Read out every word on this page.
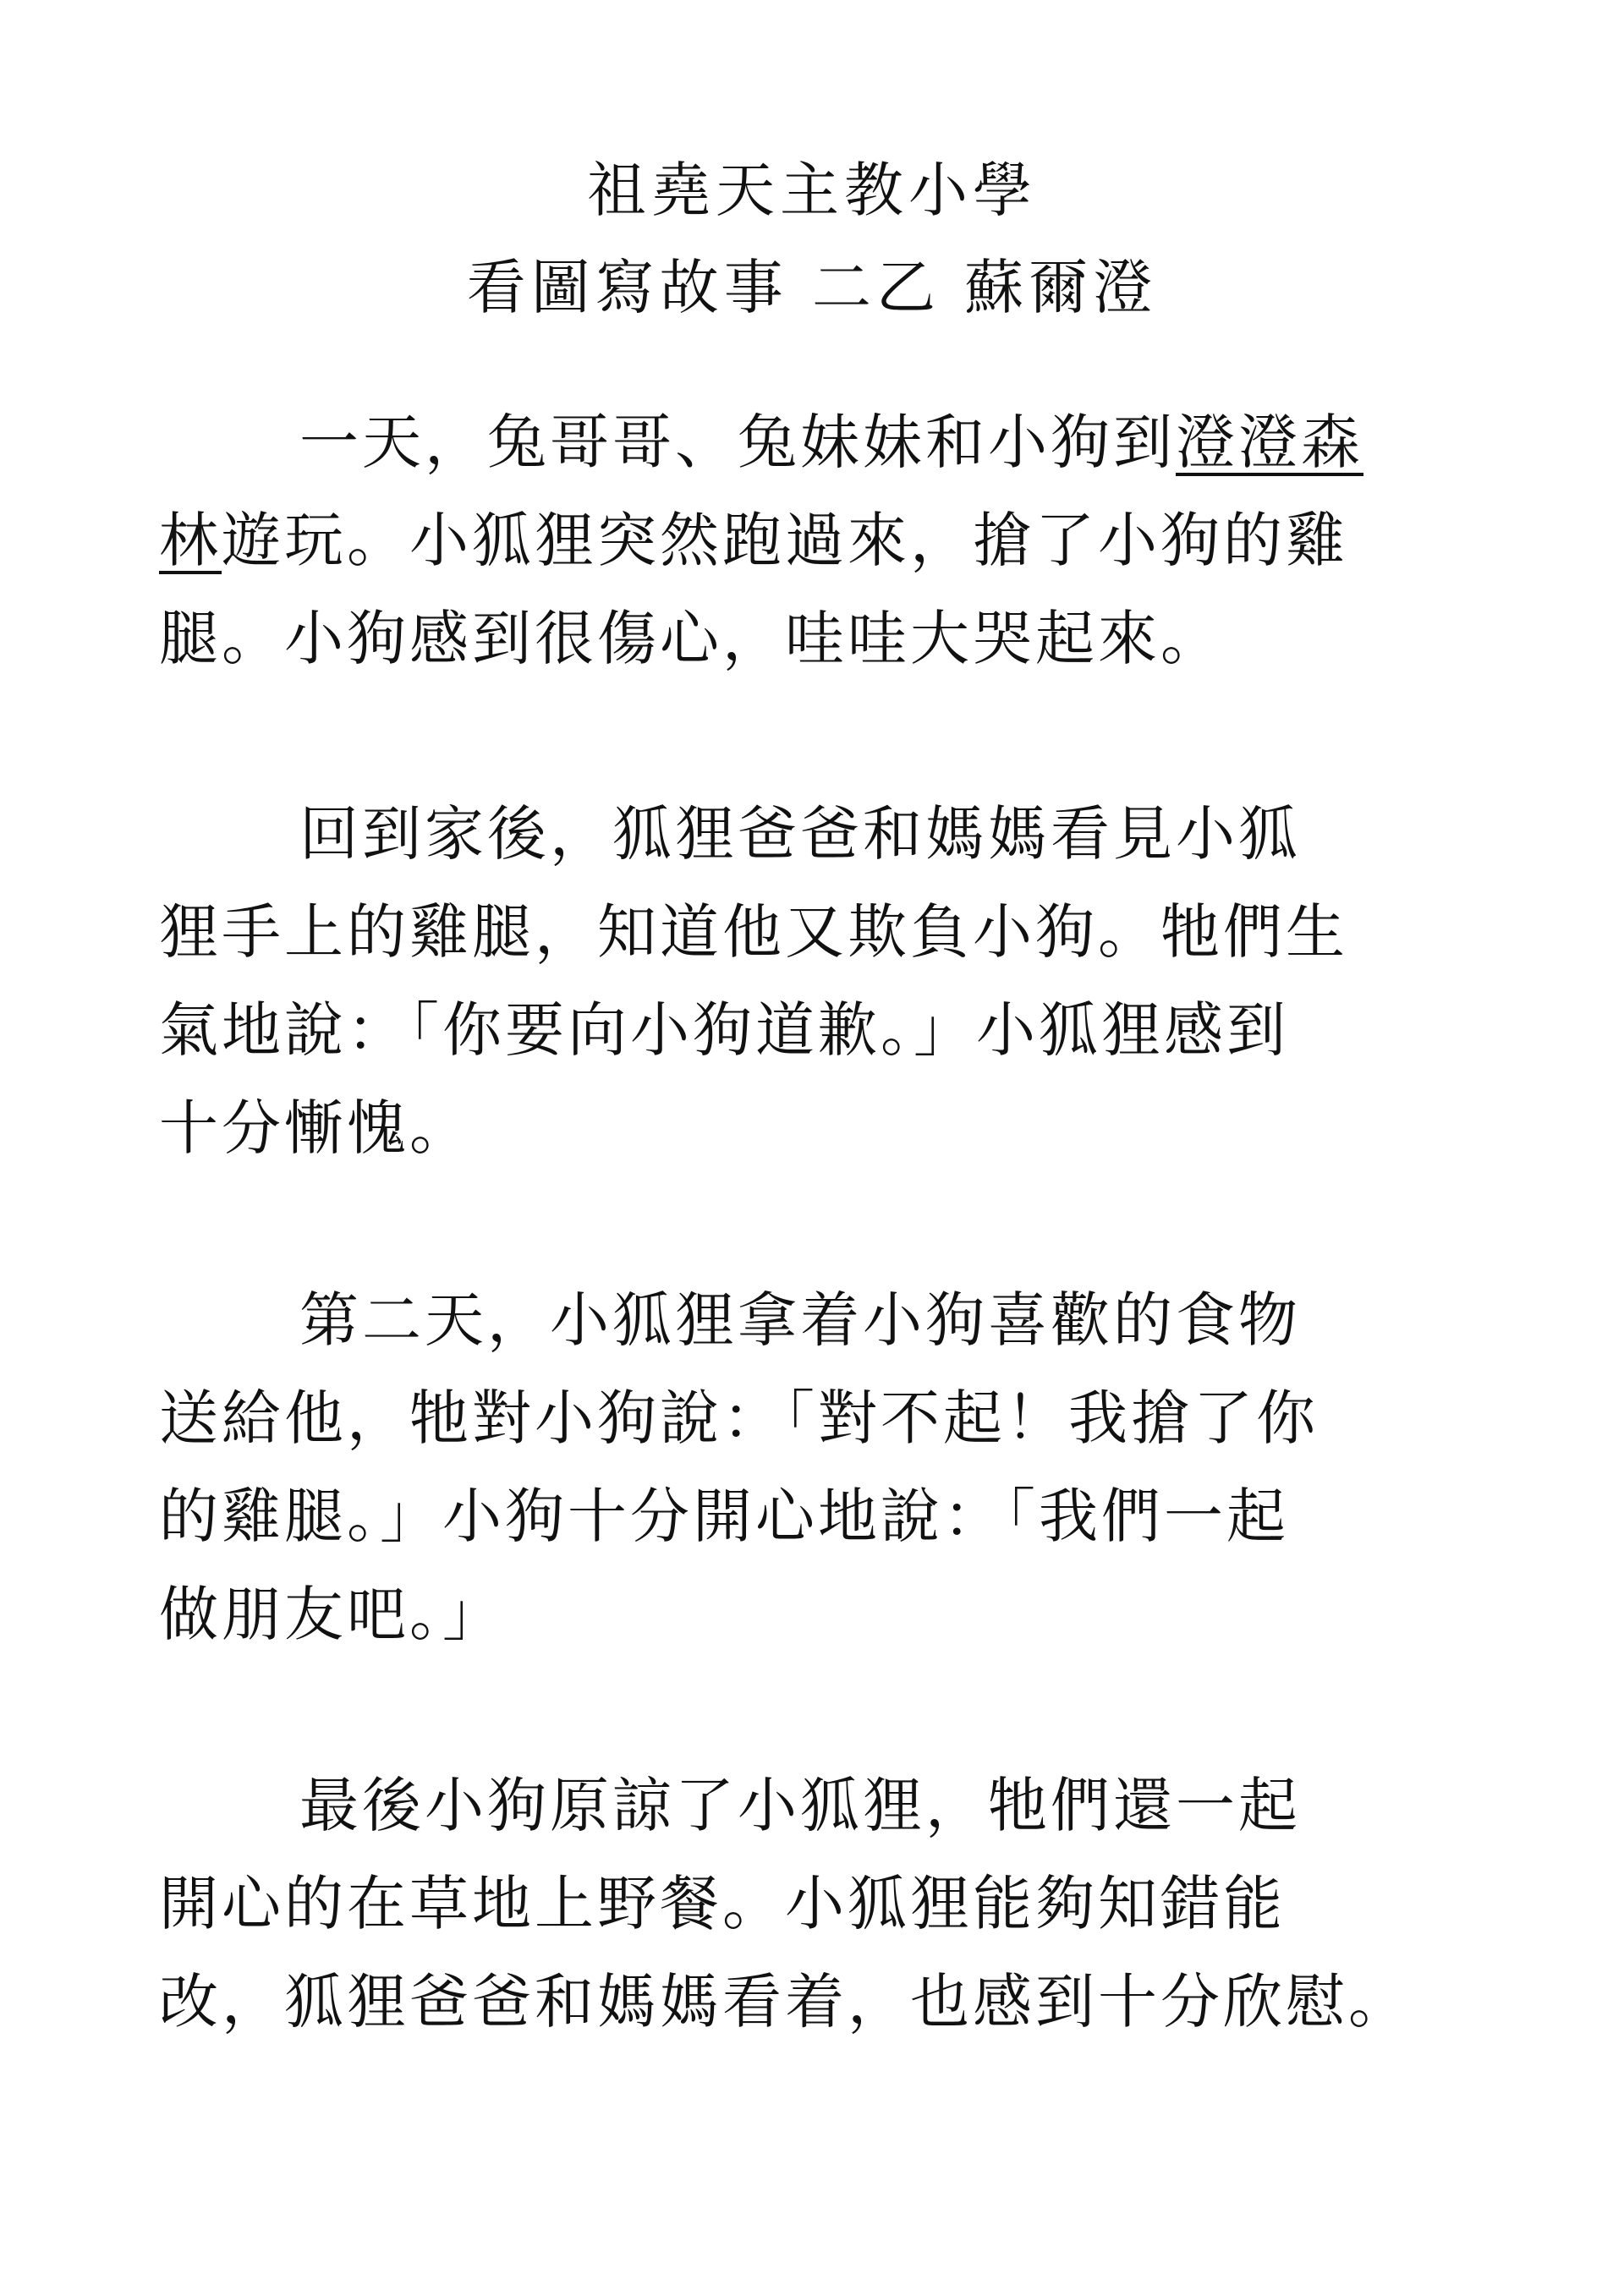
祖堯天主教小學
看圖寫故事 二乙 蘇爾澄
一天，兔哥哥、兔妹妹和小狗到澄澄森
林遊玩。小狐狸突然跑過來，搶了小狗的雞
腿。小狗感到很傷心，哇哇大哭起來。
回到家後，狐狸爸爸和媽媽看見小狐
狸手上的雞腿，知道他又欺負小狗。牠們生
氣地說：「你要向小狗道歉。」小狐狸感到
十分慚愧。
第二天，小狐狸拿着小狗喜歡的食物
送給他，牠對小狗說：「對不起！我搶了你
的雞腿。」小狗十分開心地說：「我們一起
做朋友吧。」
最後小狗原諒了小狐狸，牠們還一起
開心的在草地上野餐。小狐狸能夠知錯能
改，狐狸爸爸和媽媽看着，也感到十分欣慰。
